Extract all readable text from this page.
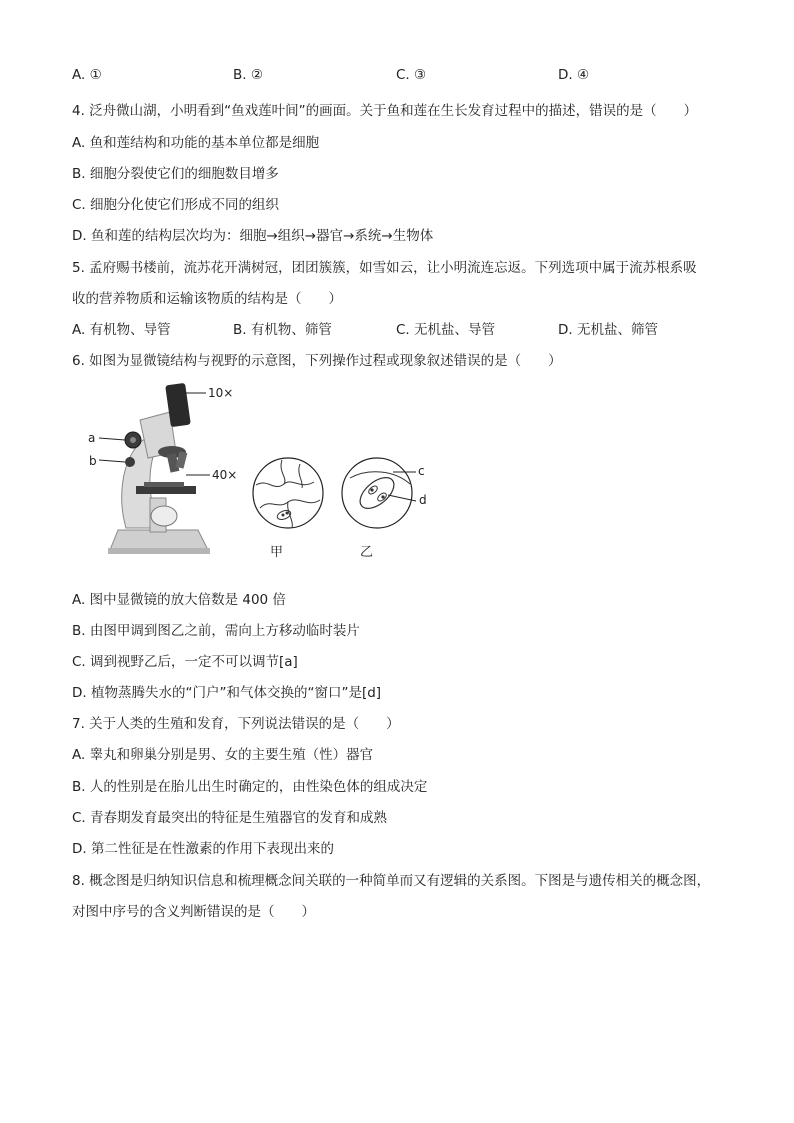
A. ①	B. ②	C. ③	D. ④
4. 泛舟微山湖，小明看到“鱼戏莲叶间”的画面。关于鱼和莲在生长发育过程中的描述，错误的是（　　）
A. 鱼和莲结构和功能的基本单位都是细胞
B. 细胞分裂使它们的细胞数目增多
C. 细胞分化使它们形成不同的组织
D. 鱼和莲的结构层次均为：细胞→组织→器官→系统→生物体
5. 孟府赐书楼前，流苏花开满树冠，团团簇簇，如雪如云，让小明流连忘返。下列选项中属于流苏根系吸
收的营养物质和运输该物质的结构是（　　）
A. 有机物、导管	B. 有机物、筛管	C. 无机盐、导管	D. 无机盐、筛管
6. 如图为显微镜结构与视野的示意图，下列操作过程或现象叙述错误的是（　　）
10×
a
b
40×	c
d
甲	乙
A. 图中显微镜的放大倍数是 400 倍
B. 由图甲调到图乙之前，需向上方移动临时装片
C. 调到视野乙后，一定不可以调节[a]
D. 植物蒸腾失水的“门户”和气体交换的“窗口”是[d]
7. 关于人类的生殖和发育，下列说法错误的是（　　）
A. 睾丸和卵巢分别是男、女的主要生殖（性）器官
B. 人的性别是在胎儿出生时确定的，由性染色体的组成决定
C. 青春期发育最突出的特征是生殖器官的发育和成熟
D. 第二性征是在性激素的作用下表现出来的
8. 概念图是归纳知识信息和梳理概念间关联的一种简单而又有逻辑的关系图。下图是与遗传相关的概念图，
对图中序号的含义判断错误的是（　　）
